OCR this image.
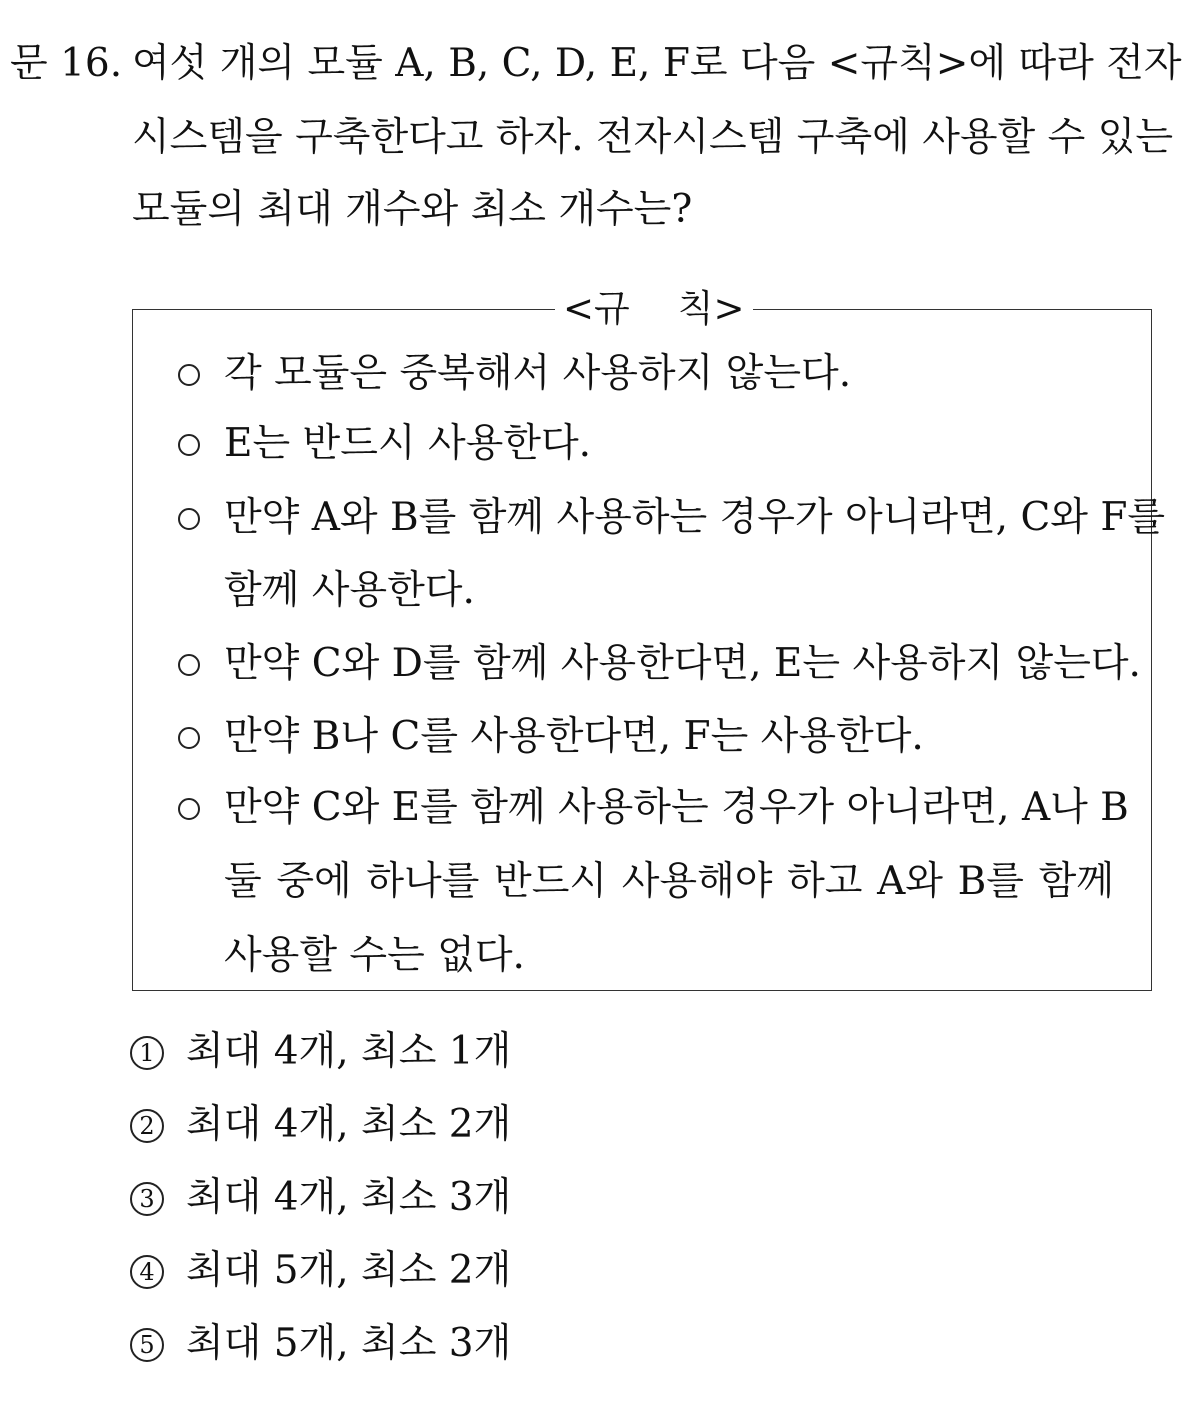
문 16. 여섯 개의 모듈 A, B, C, D, E, F로 다음 <규칙>에 따라 전자
시스템을 구축한다고 하자. 전자시스템 구축에 사용할 수 있는
모듈의 최대 개수와 최소 개수는?
<규 칙>
각 모듈은 중복해서 사용하지 않는다.
E는 반드시 사용한다.
만약 A와 B를 함께 사용하는 경우가 아니라면, C와 F를
함께 사용한다.
만약 C와 D를 함께 사용한다면, E는 사용하지 않는다.
만약 B나 C를 사용한다면, F는 사용한다.
만약 C와 E를 함께 사용하는 경우가 아니라면, A나 B
둘 중에 하나를 반드시 사용해야 하고 A와 B를 함께
사용할 수는 없다.
1 최대 4개, 최소 1개
2 최대 4개, 최소 2개
3 최대 4개, 최소 3개
4 최대 5개, 최소 2개
5 최대 5개, 최소 3개
